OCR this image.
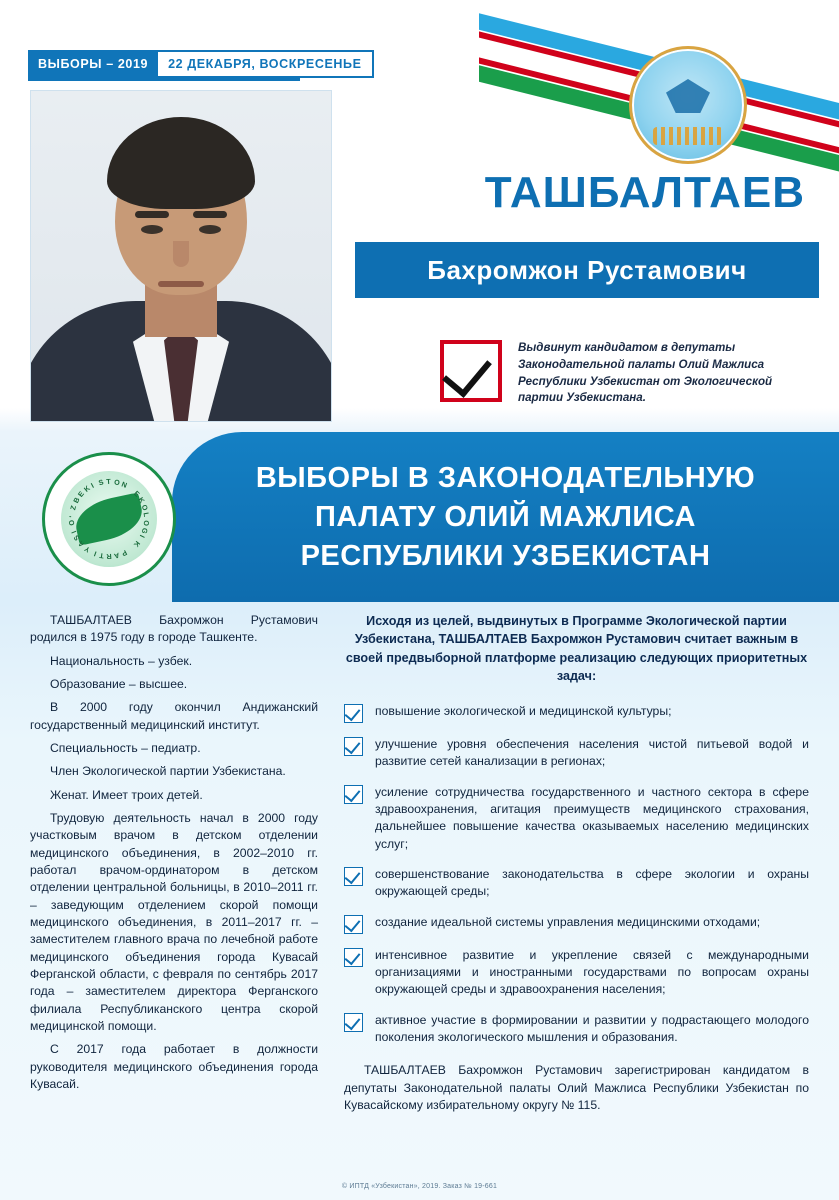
ВЫБОРЫ – 2019	22 ДЕКАБРЯ, ВОСКРЕСЕНЬЕ
ТАШБАЛТАЕВ
Бахромжон Рустамович

Выдвинут кандидатом в депутаты Законодательной палаты Олий Мажлиса Республики Узбекистан от Экологической партии Узбекистана.

ВЫБОРЫ В ЗАКОНОДАТЕЛЬНУЮ
ПАЛАТУ ОЛИЙ МАЖЛИСА
РЕСПУБЛИКИ УЗБЕКИСТАН
O
‘
Z
B
E
K
I S T O N

E
K
O
L
O
G
I
K

P
A
R
T
I
Y
A
S
I

ТАШБАЛТАЕВ Бахромжон Рустамович родился в 1975 году в городе Ташкенте.

Национальность – узбек.

Образование – высшее.

В 2000 году окончил Андижанский государственный медицинский институт.

Специальность – педиатр.

Член Экологической партии Узбекистана.

Женат. Имеет троих детей.

Трудовую деятельность начал в 2000 году участковым врачом в детском отделении медицинского объединения, в 2002–2010 гг. работал врачом-ординатором в детском отделении центральной больницы, в 2010–2011 гг. – заведующим отделением скорой помощи медицинского объединения, в 2011–2017 гг. – заместителем главного врача по лечебной работе медицинского объединения города Кувасай Ферганской области, с февраля по сентябрь 2017 года – заместителем директора Ферганского филиала Республиканского центра скорой медицинской помощи.

С 2017 года работает в должности руководителя медицинского объединения города Кувасай.

Исходя из целей, выдвинутых в Программе Экологической партии Узбекистана, ТАШБАЛТАЕВ Бахромжон Рустамович считает важным в своей предвыборной платформе реализацию следующих приоритетных задач:

повышение экологической и медицинской культуры;

улучшение уровня обеспечения населения чистой питьевой водой и развитие сетей канализации в регионах;

усиление сотрудничества государственного и частного сектора в сфере здравоохранения, агитация преимуществ медицинского страхования, дальнейшее повышение качества оказываемых населению медицинских услуг;

совершенствование законодательства в сфере экологии и охраны окружающей среды;

создание идеальной системы управления медицинскими отходами;

интенсивное развитие и укрепление связей с международными организациями и иностранными государствами по вопросам охраны окружающей среды и здравоохранения населения;

активное участие в формировании и развитии у подрастающего молодого поколения экологического мышления и образования.

ТАШБАЛТАЕВ Бахромжон Рустамович зарегистрирован кандидатом в депутаты Законодательной палаты Олий Мажлиса Республики Узбекистан по Кувасайскому избирательному округу № 115.

© ИПТД «Узбекистан», 2019. Заказ № 19-661
